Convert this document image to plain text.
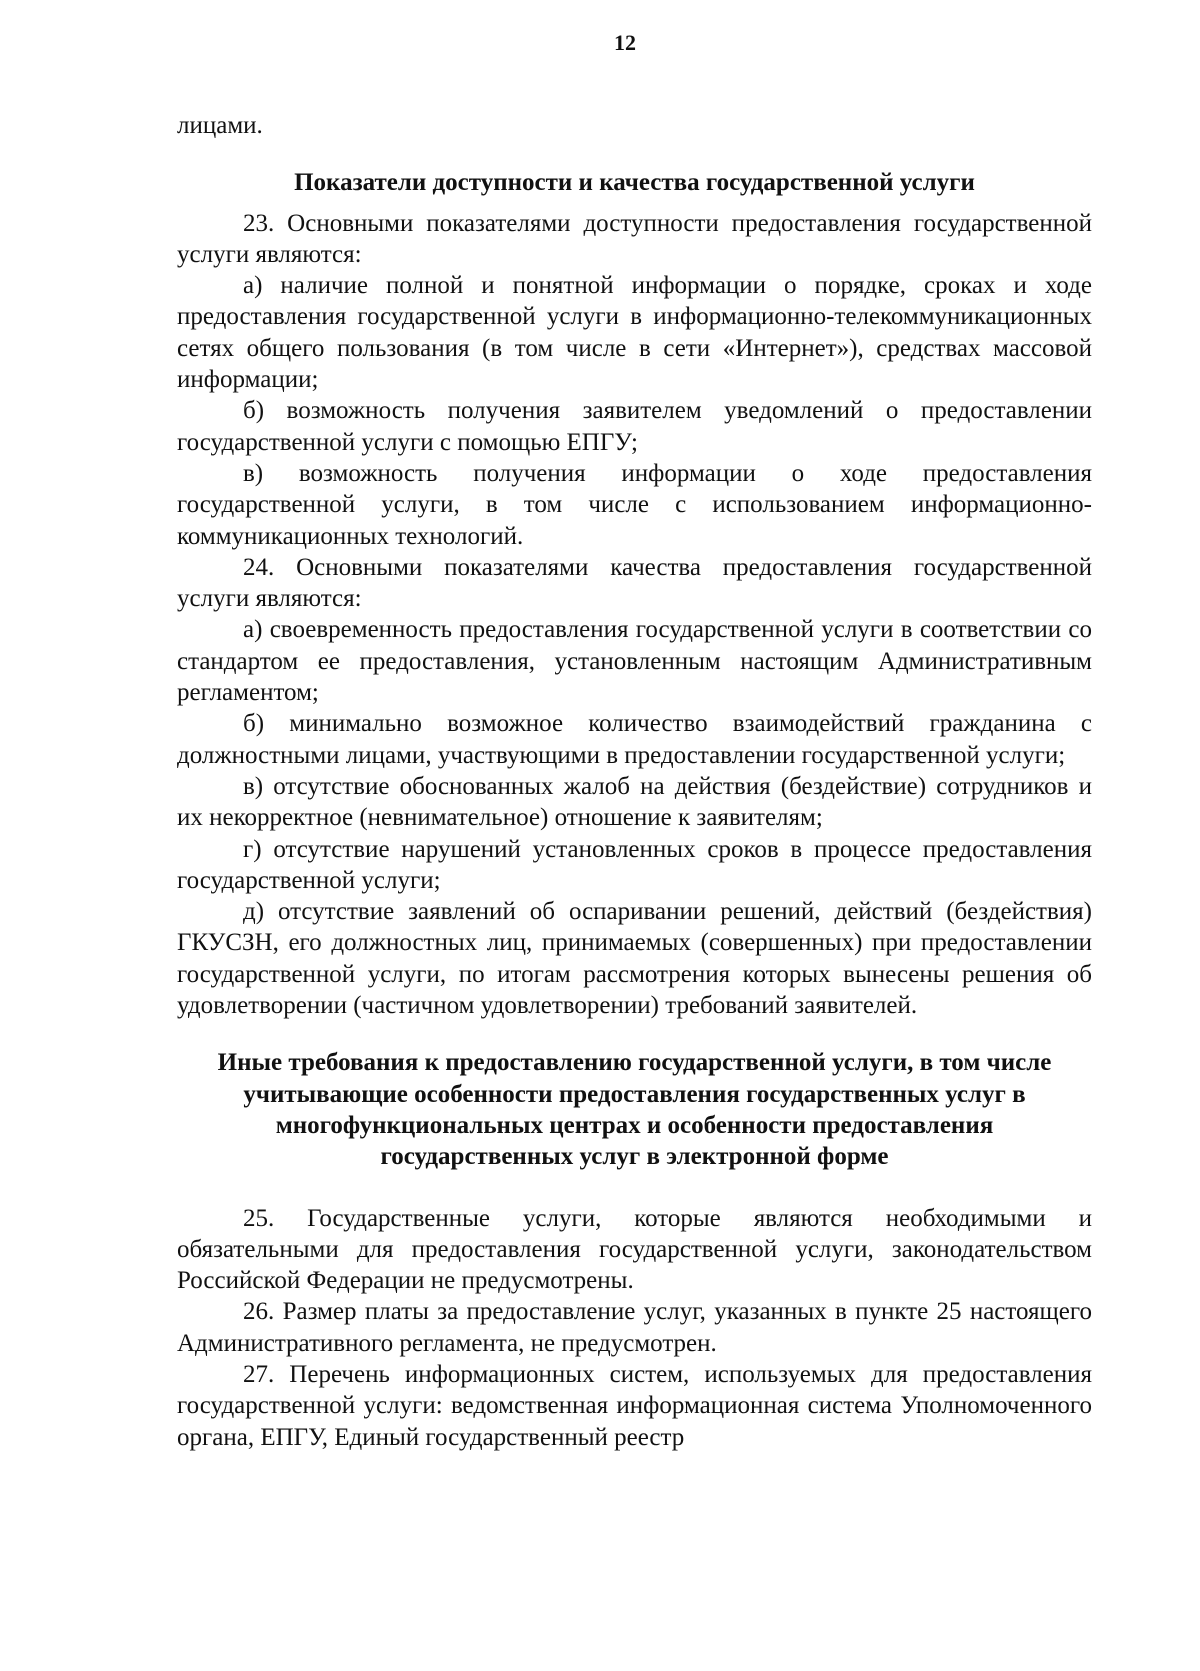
12

лицами.

Показатели доступности и качества государственной услуги

23. Основными показателями доступности предоставления государственной услуги являются:

а) наличие полной и понятной информации о порядке, сроках и ходе предоставления государственной услуги в информационно-телекоммуникационных сетях общего пользования (в том числе в сети «Интернет»), средствах массовой информации;

б) возможность получения заявителем уведомлений о предоставлении государственной услуги с помощью ЕПГУ;

в) возможность получения информации о ходе предоставления государственной услуги, в том числе с использованием информационно-коммуникационных технологий.

24. Основными показателями качества предоставления государственной услуги являются:

а) своевременность предоставления государственной услуги в соответствии со стандартом ее предоставления, установленным настоящим Административным регламентом;

б) минимально возможное количество взаимодействий гражданина с должностными лицами, участвующими в предоставлении государственной услуги;

в) отсутствие обоснованных жалоб на действия (бездействие) сотрудников и их некорректное (невнимательное) отношение к заявителям;

г) отсутствие нарушений установленных сроков в процессе предоставления государственной услуги;

д) отсутствие заявлений об оспаривании решений, действий (бездействия) ГКУСЗН, его должностных лиц, принимаемых (совершенных) при предоставлении государственной услуги, по итогам рассмотрения которых вынесены решения об удовлетворении (частичном удовлетворении) требований заявителей.

Иные требования к предоставлению государственной услуги, в том числе учитывающие особенности предоставления государственных услуг в многофункциональных центрах и особенности предоставления государственных услуг в электронной форме

25. Государственные услуги, которые являются необходимыми и обязательными для предоставления государственной услуги, законодательством Российской Федерации не предусмотрены.

26. Размер платы за предоставление услуг, указанных в пункте 25 настоящего Административного регламента, не предусмотрен.

27. Перечень информационных систем, используемых для предоставления государственной услуги: ведомственная информационная система Уполномоченного органа, ЕПГУ, Единый государственный реестр
